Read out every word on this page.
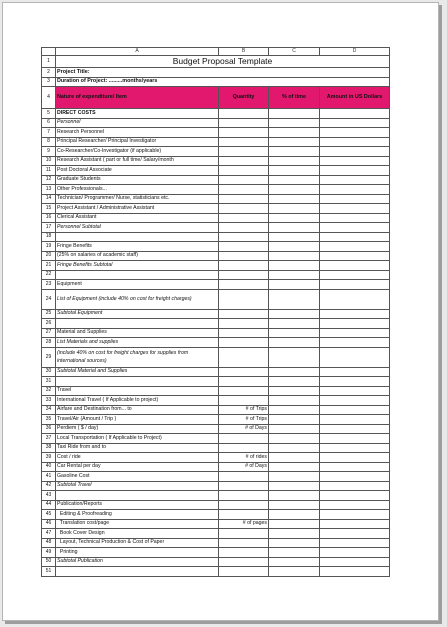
	A	B	C	D
1	Budget Proposal Template			
2	Project Title:			
3	Duration of Project: .........months/years			
4	Nature of expenditure/ Item	Quantity	% of time	Amount in US Dollars
5	DIRECT COSTS			
6	Personnel			
7	Research Personnel			
8	Principal Researcher/ Principal Investigator			
9	Co-Researcher/Co-Investigator (if applicable)			
10	Research Assistant ( part or full time/ Salary/month			
11	Post Doctoral Associate			
12	Graduate Students			
13	Other Professionals...			
14	Technician/ Programmer/ Nurse, statisticians etc.			
15	Project Assistant / Administrative Assistant			
16	Clerical Assistant			
17	Personnel Subtotal			
18				
19	Fringe Benefits			
20	(25% on salaries of academic staff)			
21	Fringe Benefits Subtotal			
22				
23	Equipment			
24	List of Equipment (include 40% on cost for freight charges)			
25	Subtotal Equipment			
26				
27	Material and Supplies			
28	List Materials and supplies			
29	(include 40% on cost for freight charges for supplies from international sources)			
30	Subtotal Material and Supplies			
31				
32	Travel			
33	International Travel ( If Applicable to project)			
34	Airfare and Destination from... to	# of Trips		
35	Travel/Air (Amount / Trip )	# of Trips		
36	Perdiem ( $ / day)	# of Days		
37	Local Transportation ( If Applicable to Project)			
38	Taxi Ride from and to			
39	Cost / ride	# of rides		
40	Car Rental per day	# of Days		
41	Gasoline Cost			
42	Subtotal Travel			
43				
44	Publication/Reports			
45	Editing & Proofreading			
46	Translation cost/page	# of pages		
47	Book Cover Design			
48	Layout, Technical Production & Cost of Paper			
49	Printing			
50	Subtotal Publication			
51				
